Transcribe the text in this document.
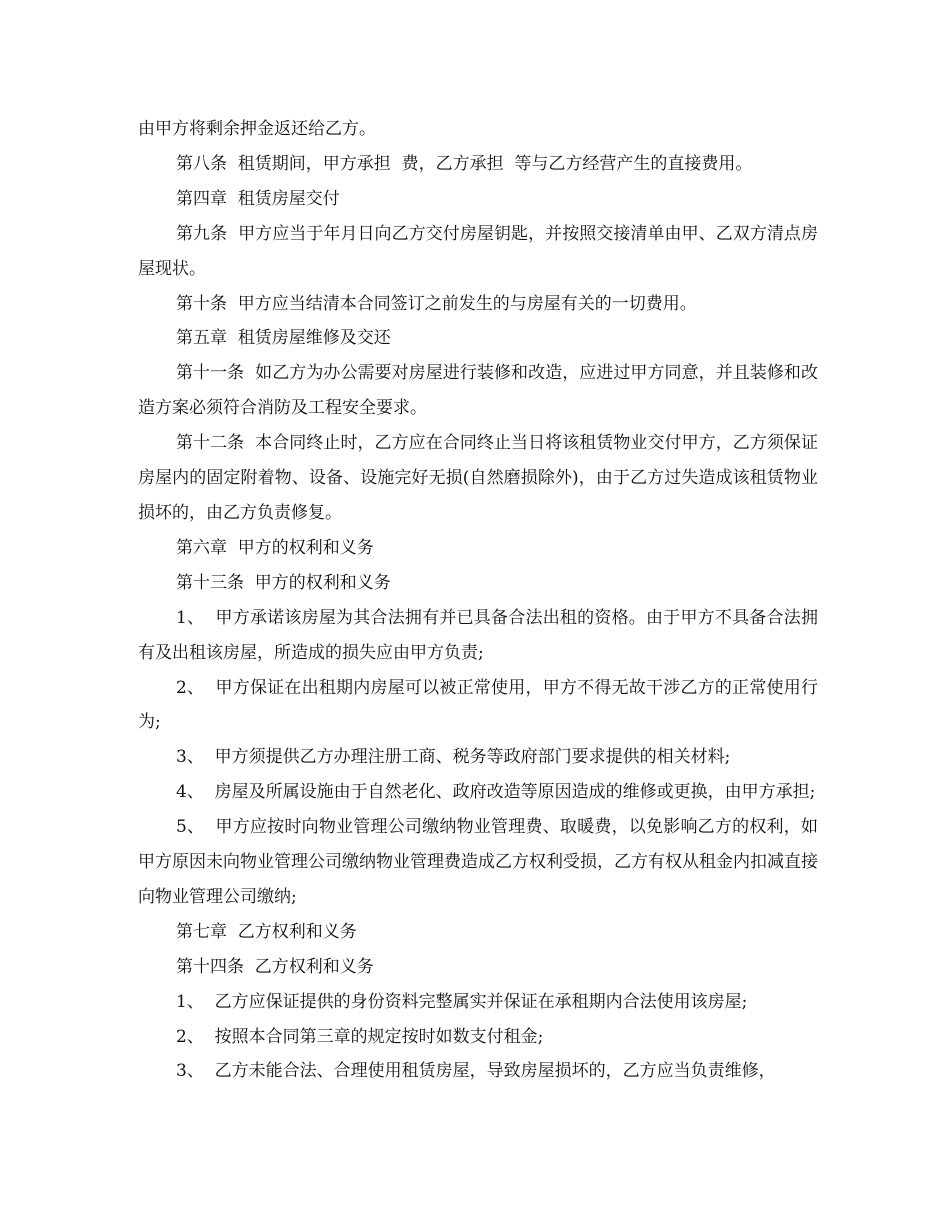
由甲方将剩余押金返还给乙方。

第八条  租赁期间，甲方承担  费，乙方承担  等与乙方经营产生的直接费用。

第四章  租赁房屋交付

第九条  甲方应当于年月日向乙方交付房屋钥匙，并按照交接清单由甲、乙双方清点房屋现状。

第十条  甲方应当结清本合同签订之前发生的与房屋有关的一切费用。

第五章  租赁房屋维修及交还

第十一条  如乙方为办公需要对房屋进行装修和改造，应进过甲方同意，并且装修和改造方案必须符合消防及工程安全要求。

第十二条  本合同终止时，乙方应在合同终止当日将该租赁物业交付甲方，乙方须保证房屋内的固定附着物、设备、设施完好无损(自然磨损除外)，由于乙方过失造成该租赁物业损坏的，由乙方负责修复。

第六章  甲方的权利和义务

第十三条  甲方的权利和义务

1、  甲方承诺该房屋为其合法拥有并已具备合法出租的资格。由于甲方不具备合法拥有及出租该房屋，所造成的损失应由甲方负责;

2、  甲方保证在出租期内房屋可以被正常使用，甲方不得无故干涉乙方的正常使用行为;

3、  甲方须提供乙方办理注册工商、税务等政府部门要求提供的相关材料;

4、  房屋及所属设施由于自然老化、政府改造等原因造成的维修或更换，由甲方承担;

5、  甲方应按时向物业管理公司缴纳物业管理费、取暖费，以免影响乙方的权利，如甲方原因未向物业管理公司缴纳物业管理费造成乙方权利受损，乙方有权从租金内扣减直接向物业管理公司缴纳;

第七章  乙方权利和义务

第十四条  乙方权利和义务

1、  乙方应保证提供的身份资料完整属实并保证在承租期内合法使用该房屋;

2、  按照本合同第三章的规定按时如数支付租金;

3、  乙方未能合法、合理使用租赁房屋，导致房屋损坏的，乙方应当负责维修，
